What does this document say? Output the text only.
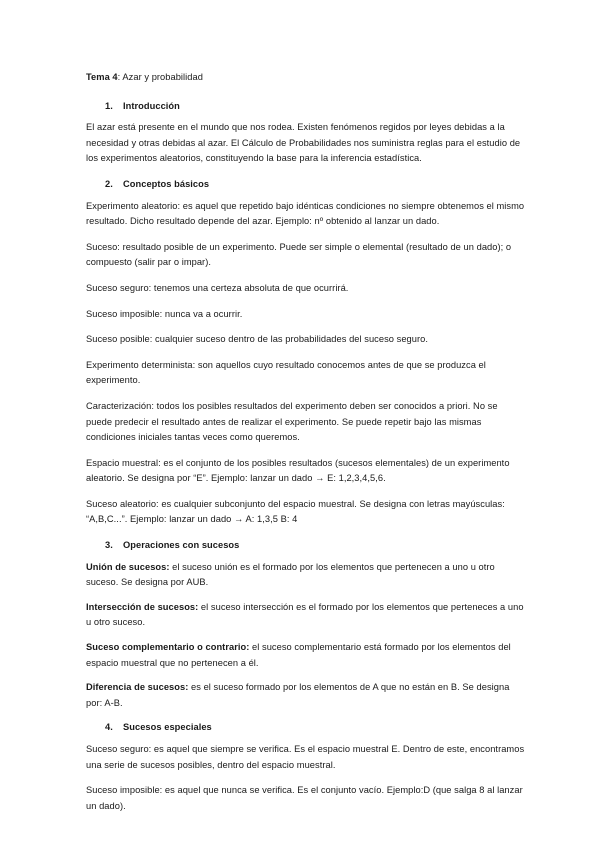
Tema 4: Azar y probabilidad

1.	Introducción

El azar está presente en el mundo que nos rodea. Existen fenómenos regidos por leyes debidas a la necesidad y otras debidas al azar. El Cálculo de Probabilidades nos suministra reglas para el estudio de los experimentos aleatorios, constituyendo la base para la inferencia estadística.

2.	Conceptos básicos

Experimento aleatorio: es aquel que repetido bajo idénticas condiciones no siempre obtenemos el mismo resultado. Dicho resultado depende del azar. Ejemplo: nº obtenido al lanzar un dado.

Suceso: resultado posible de un experimento. Puede ser simple o elemental (resultado de un dado); o compuesto (salir par o impar).

Suceso seguro: tenemos una certeza absoluta de que ocurrirá.

Suceso imposible: nunca va a ocurrir.

Suceso posible: cualquier suceso dentro de las probabilidades del suceso seguro.

Experimento determinista: son aquellos cuyo resultado conocemos antes de que se produzca el experimento.

Caracterización: todos los posibles resultados del experimento deben ser conocidos a priori. No se puede predecir el resultado antes de realizar el experimento. Se puede repetir bajo las mismas condiciones iniciales tantas veces como queremos.

Espacio muestral: es el conjunto de los posibles resultados (sucesos elementales) de un experimento aleatorio. Se designa por “E”. Ejemplo: lanzar un dado → E: 1,2,3,4,5,6.

Suceso aleatorio: es cualquier subconjunto del espacio muestral. Se designa con letras mayúsculas: “A,B,C...”. Ejemplo: lanzar un dado → A: 1,3,5 B: 4

3.	Operaciones con sucesos

Unión de sucesos: el suceso unión es el formado por los elementos que pertenecen a uno u otro suceso. Se designa por AUB.

Intersección de sucesos: el suceso intersección es el formado por los elementos que perteneces a uno u otro suceso.

Suceso complementario o contrario: el suceso complementario está formado por los elementos del espacio muestral que no pertenecen a él.

Diferencia de sucesos: es el suceso formado por los elementos de A que no están en B. Se designa por: A-B.

4.	Sucesos especiales

Suceso seguro: es aquel que siempre se verifica. Es el espacio muestral E. Dentro de este, encontramos una serie de sucesos posibles, dentro del espacio muestral.

Suceso imposible: es aquel que nunca se verifica. Es el conjunto vacío. Ejemplo:D (que salga 8 al lanzar un dado).
